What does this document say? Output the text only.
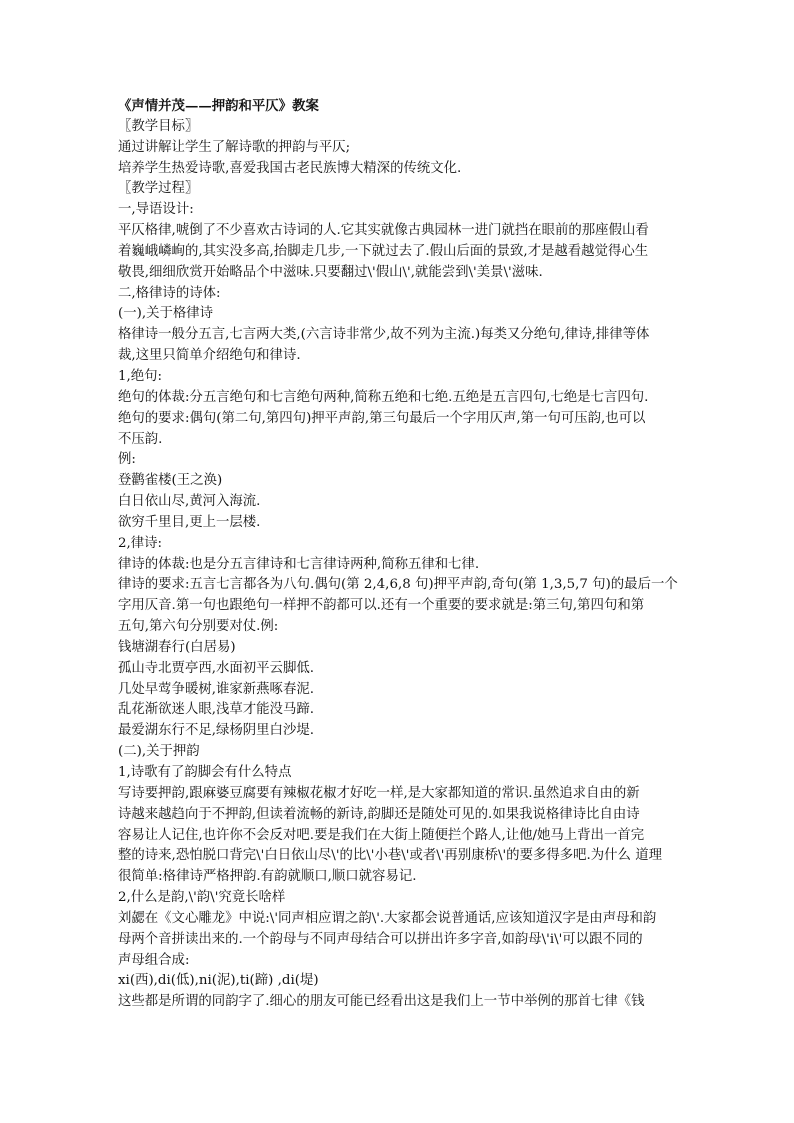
《声情并茂——押韵和平仄》教案

〖教学目标〗

通过讲解让学生了解诗歌的押韵与平仄;

培养学生热爱诗歌,喜爱我国古老民族博大精深的传统文化.

〖教学过程〗

一,导语设计:

平仄格律,唬倒了不少喜欢古诗词的人.它其实就像古典园林一进门就挡在眼前的那座假山看

着巍峨嶙峋的,其实没多高,抬脚走几步,一下就过去了.假山后面的景致,才是越看越觉得心生

敬畏,细细欣赏开始略品个中滋味.只要翻过\'假山\',就能尝到\'美景\'滋味.

二,格律诗的诗体:

(一),关于格律诗

格律诗一般分五言,七言两大类,(六言诗非常少,故不列为主流.)每类又分绝句,律诗,排律等体

裁,这里只简单介绍绝句和律诗.

1,绝句:

绝句的体裁:分五言绝句和七言绝句两种,简称五绝和七绝.五绝是五言四句,七绝是七言四句.

绝句的要求:偶句(第二句,第四句)押平声韵,第三句最后一个字用仄声,第一句可压韵,也可以

不压韵.

例:

登鹳雀楼(王之涣)

白日依山尽,黄河入海流.

欲穷千里目,更上一层楼.

2,律诗:

律诗的体裁:也是分五言律诗和七言律诗两种,简称五律和七律.

律诗的要求:五言七言都各为八句.偶句(第 2,4,6,8 句)押平声韵,奇句(第 1,3,5,7 句)的最后一个

字用仄音.第一句也跟绝句一样押不韵都可以.还有一个重要的要求就是:第三句,第四句和第

五句,第六句分别要对仗.例:

钱塘湖春行(白居易)

孤山寺北贾亭西,水面初平云脚低.

几处早莺争暖树,谁家新燕啄春泥.

乱花渐欲迷人眼,浅草才能没马蹄.

最爱湖东行不足,绿杨阴里白沙堤.

(二),关于押韵

1,诗歌有了韵脚会有什么特点

写诗要押韵,跟麻婆豆腐要有辣椒花椒才好吃一样,是大家都知道的常识.虽然追求自由的新

诗越来越趋向于不押韵,但读着流畅的新诗,韵脚还是随处可见的.如果我说格律诗比自由诗

容易让人记住,也许你不会反对吧.要是我们在大街上随便拦个路人,让他/她马上背出一首完

整的诗来,恐怕脱口背完\'白日依山尽\'的比\'小巷\'或者\'再别康桥\'的要多得多吧.为什么 道理

很简单:格律诗严格押韵.有韵就顺口,顺口就容易记.

2,什么是韵,\'韵\'究竟长啥样

刘勰在《文心雕龙》中说:\'同声相应谓之韵\'.大家都会说普通话,应该知道汉字是由声母和韵

母两个音拼读出来的.一个韵母与不同声母结合可以拼出许多字音,如韵母\'i\'可以跟不同的

声母组合成:

xi(西),di(低),ni(泥),ti(蹄) ,di(堤)

这些都是所谓的同韵字了.细心的朋友可能已经看出这是我们上一节中举例的那首七律《钱
